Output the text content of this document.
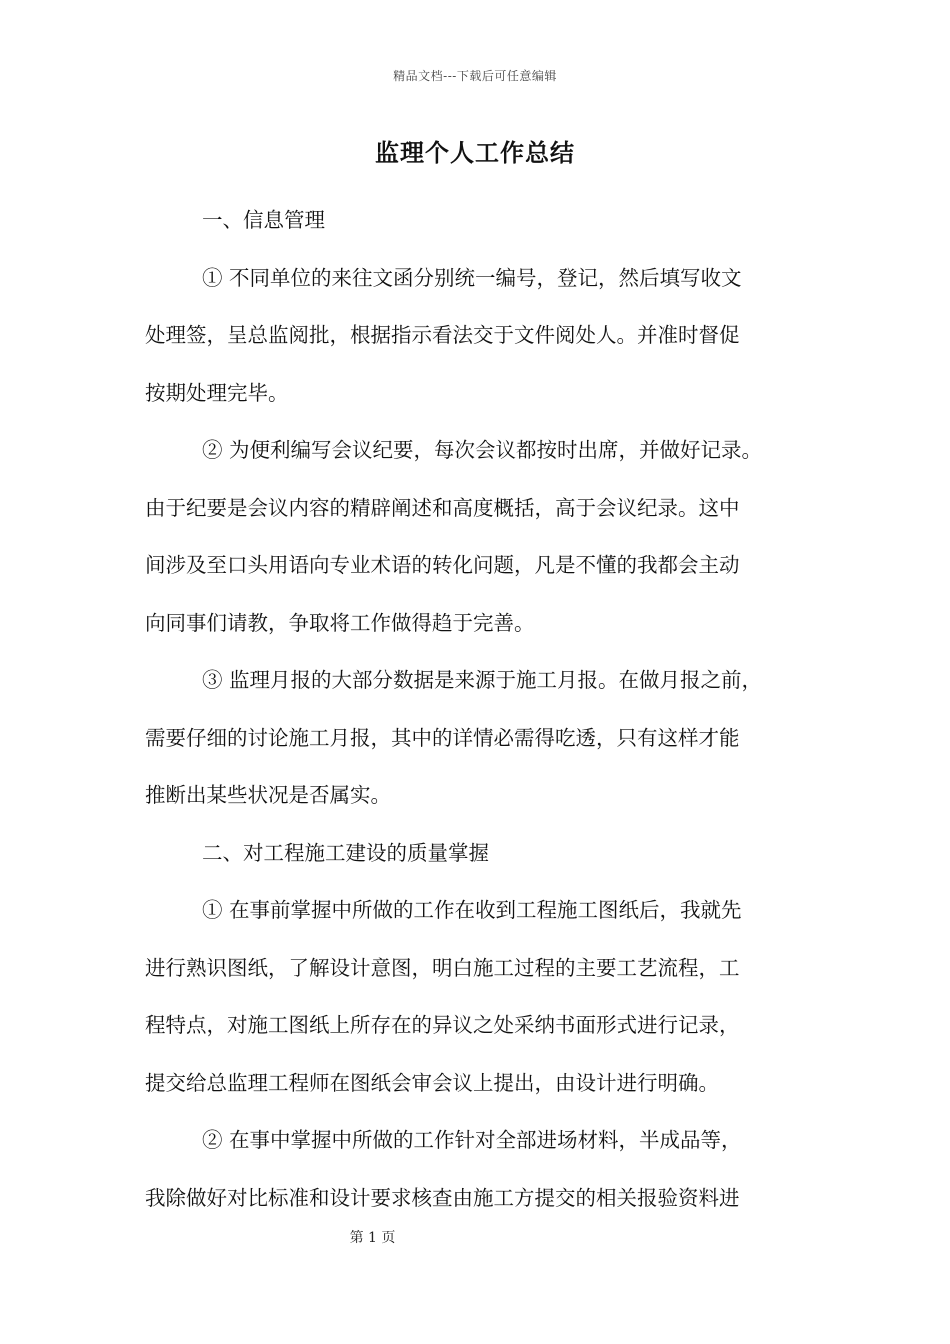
精品文档---下载后可任意编辑
监理个人工作总结
一、信息管理
① 不同单位的来往文函分别统一编号，登记，然后填写收文
处理签，呈总监阅批，根据指示看法交于文件阅处人。并准时督促
按期处理完毕。
② 为便利编写会议纪要，每次会议都按时出席，并做好记录。
由于纪要是会议内容的精辟阐述和高度概括，高于会议纪录。这中
间涉及至口头用语向专业术语的转化问题，凡是不懂的我都会主动
向同事们请教，争取将工作做得趋于完善。
③ 监理月报的大部分数据是来源于施工月报。在做月报之前，
需要仔细的讨论施工月报，其中的详情必需得吃透，只有这样才能
推断出某些状况是否属实。
二、对工程施工建设的质量掌握
① 在事前掌握中所做的工作在收到工程施工图纸后，我就先
进行熟识图纸，了解设计意图，明白施工过程的主要工艺流程，工
程特点，对施工图纸上所存在的异议之处采纳书面形式进行记录，
提交给总监理工程师在图纸会审会议上提出，由设计进行明确。
② 在事中掌握中所做的工作针对全部进场材料，半成品等，
我除做好对比标准和设计要求核查由施工方提交的相关报验资料进
第 1 页
